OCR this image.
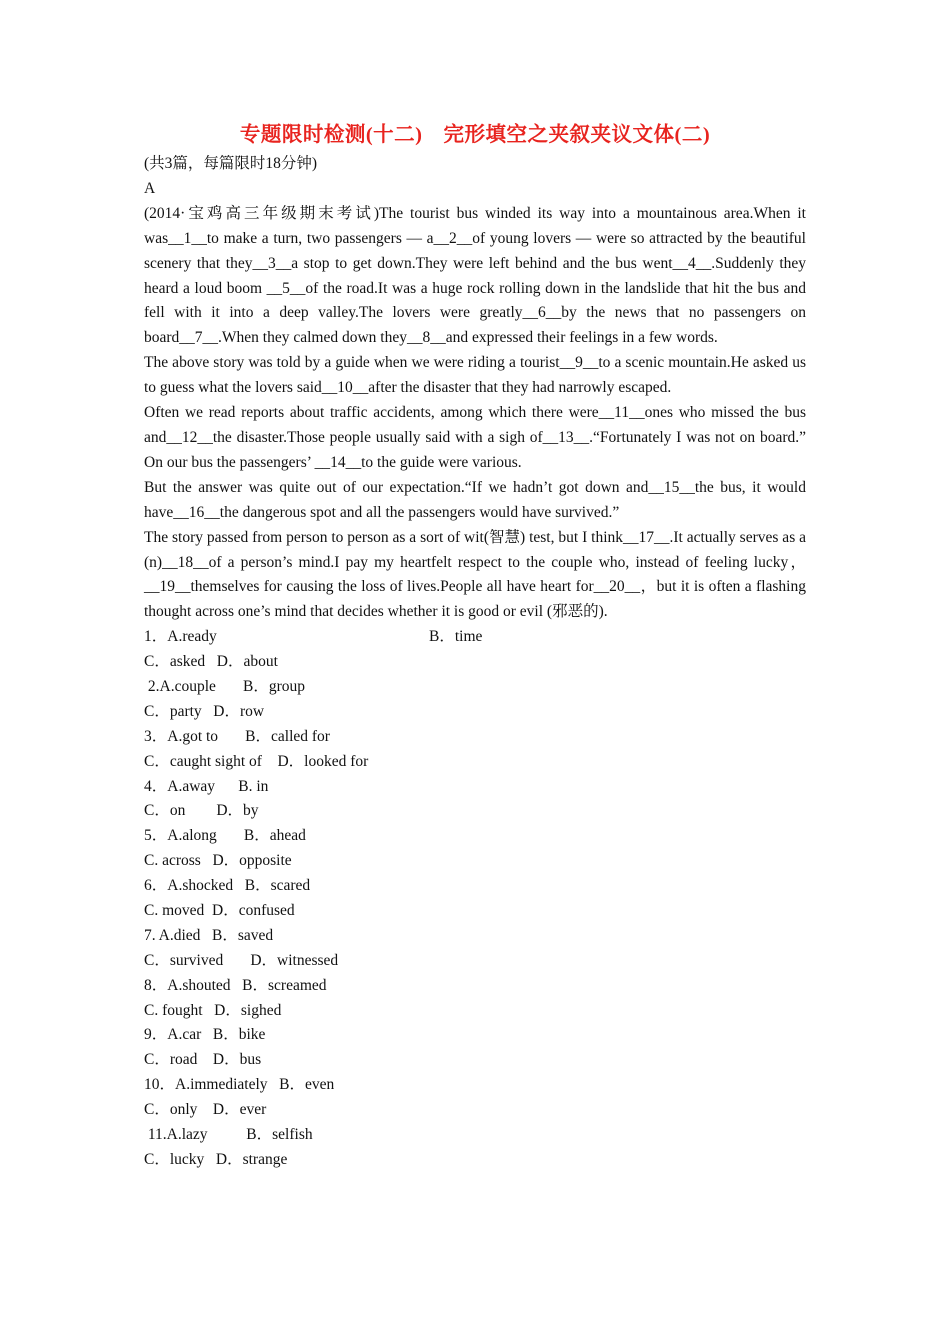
专题限时检测(十二)　完形填空之夹叙夹议文体(二)

(共3篇，每篇限时18分钟)

A

(2014·宝鸡高三年级期末考试)The tourist bus winded its way into a mountainous area.When it was__1__to make a turn, two passengers — a__2__of young lovers — were so attracted by the beautiful scenery that they__3__a stop to get down.They were left behind and the bus went__4__.Suddenly they heard a loud boom __5__of the road.It was a huge rock rolling down in the landslide that hit the bus and fell with it into a deep valley.The lovers were greatly__6__by the news that no passengers on board__7__.When they calmed down they__8__and expressed their feelings in a few words.

The above story was told by a guide when we were riding a tourist__9__to a scenic mountain.He asked us to guess what the lovers said__10__after the disaster that they had narrowly escaped.

Often we read reports about traffic accidents, among which there were__11__ones who missed the bus and__12__the disaster.Those people usually said with a sigh of__13__.“Fortunately I was not on board.” On our bus the passengers’ __14__to the guide were various.

But the answer was quite out of our expectation.“If we hadn’t got down and__15__the bus, it would have__16__the dangerous spot and all the passengers would have survived.”

The story passed from person to person as a sort of wit(智慧) test, but I think__17__.It actually serves as a (n)__18__of a person’s mind.I pay my heartfelt respect to the couple who, instead of feeling lucky，__19__themselves for causing the loss of lives.People all have heart for__20__，but it is often a flashing thought across one’s mind that decides whether it is good or evil (邪恶的).

1．A.ready	B．time
C．asked   D．about
2.A.couple       B．group
C．party   D．row
3．A.got to       B．called for
C．caught sight of    D．looked for
4．A.away      B. in
C．on        D．by
5．A.along       B．ahead
C. across   D．opposite
6．A.shocked   B．scared
C. moved  D．confused
7. A.died   B．saved
C．survived       D．witnessed
8．A.shouted   B．screamed
C. fought   D．sighed
9．A.car   B．bike
C．road    D．bus
10．A.immediately   B．even
C．only    D．ever
11.A.lazy          B．selfish
C．lucky   D．strange
